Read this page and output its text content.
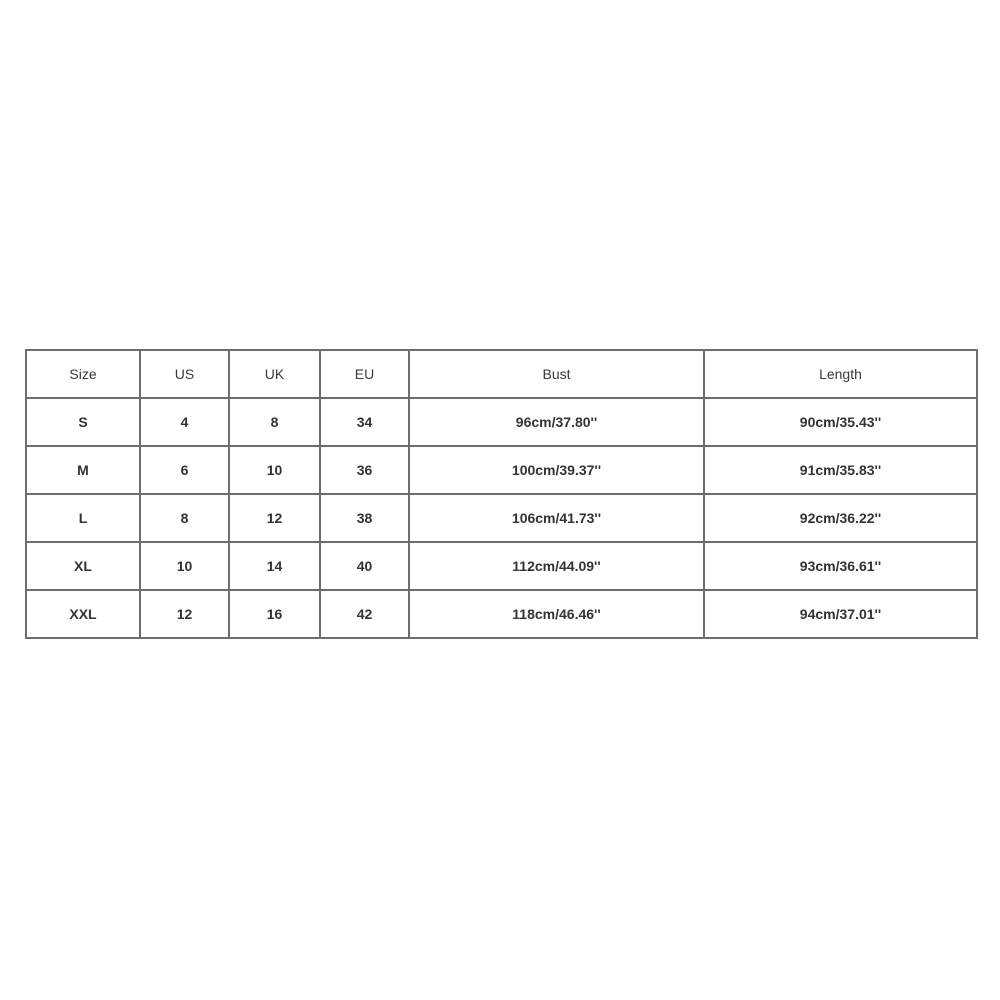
Size	US	UK	EU	Bust	Length
S	4	8	34	96cm/37.80''	90cm/35.43''
M	6	10	36	100cm/39.37''	91cm/35.83''
L	8	12	38	106cm/41.73''	92cm/36.22''
XL	10	14	40	112cm/44.09''	93cm/36.61''
XXL	12	16	42	118cm/46.46''	94cm/37.01''
